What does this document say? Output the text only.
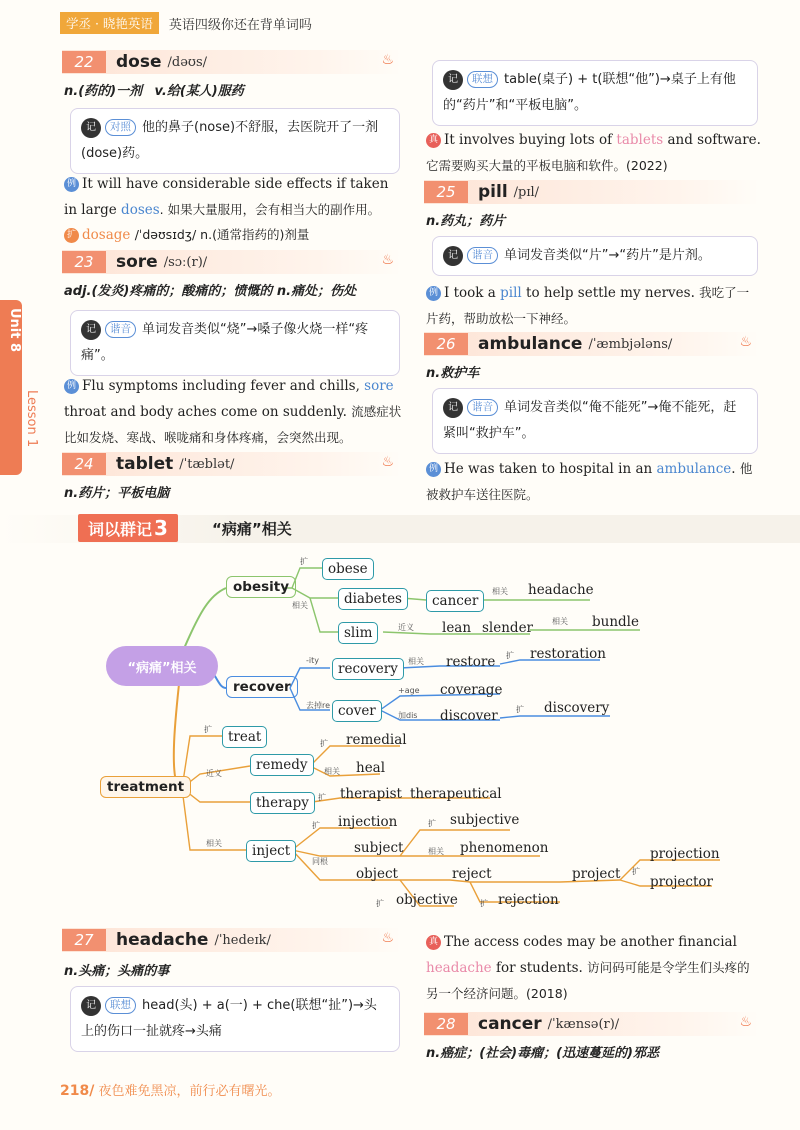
学丞 · 晓艳英语	英语四级你还在背单词吗
Unit 8
Lesson 1
22	dose /dəʊs/	♨
n.(药的)一剂 v.给(某人)服药
记 对照 他的鼻子(nose)不舒服，去医院开了一剂(dose)药。
例 It will have considerable side effects if taken in large doses. 如果大量服用，会有相当大的副作用。
扩 dosage /ˈdəʊsɪdʒ/ n.(通常指药的)剂量
23	sore /sɔː(r)/	♨
adj.(发炎)疼痛的；酸痛的；愤慨的 n.痛处；伤处
记 谐音 单词发音类似“烧”→嗓子像火烧一样“疼痛”。
例 Flu symptoms including fever and chills, sore throat and body aches come on suddenly. 流感症状比如发烧、寒战、喉咙痛和身体疼痛，会突然出现。
24	tablet /ˈtæblət/	♨
n.药片；平板电脑
记 联想 table(桌子) + t(联想“他”)→桌子上有他的“药片”和“平板电脑”。
真 It involves buying lots of tablets and software. 它需要购买大量的平板电脑和软件。(2022)
25	pill /pɪl/
n.药丸；药片
记 谐音 单词发音类似“片”→“药片”是片剂。
例 I took a pill to help settle my nerves. 我吃了一片药，帮助放松一下神经。
26	ambulance /ˈæmbjələns/	♨
n.救护车
记 谐音 单词发音类似“俺不能死”→俺不能死，赶紧叫“救护车”。
例 He was taken to hospital in an ambulance. 他被救护车送往医院。
词以群记 3	“病痛”相关
“病痛”相关
obesity
recover
treatment
obese
diabetes	cancer
headache
slim	lean slender	bundle
recovery	restore	restoration
cover
coverage
discover	discovery
treat
remedy
remedial
heal
therapy
therapist therapeutical
inject
injection
subject
subjective
phenomenon
object
objective
reject
rejection
project
projection
projector
扩
相关
相关
近义
相关
-ity	相关
扩
去掉re
+age
加dis
扩
扩
近义
扩
相关
扩
相关
扩
同根
扩
相关
扩	扩
扩
27	headache /ˈhedeɪk/	♨
n.头痛；头痛的事
记 联想 head(头) + a(一) + che(联想“扯”)→头上的伤口一扯就疼→头痛
真 The access codes may be another financial headache for students. 访问码可能是令学生们头疼的另一个经济问题。(2018)
28	cancer /ˈkænsə(r)/	♨
n.癌症；(社会)毒瘤；(迅速蔓延的)邪恶
218/ 夜色难免黑凉，前行必有曙光。
